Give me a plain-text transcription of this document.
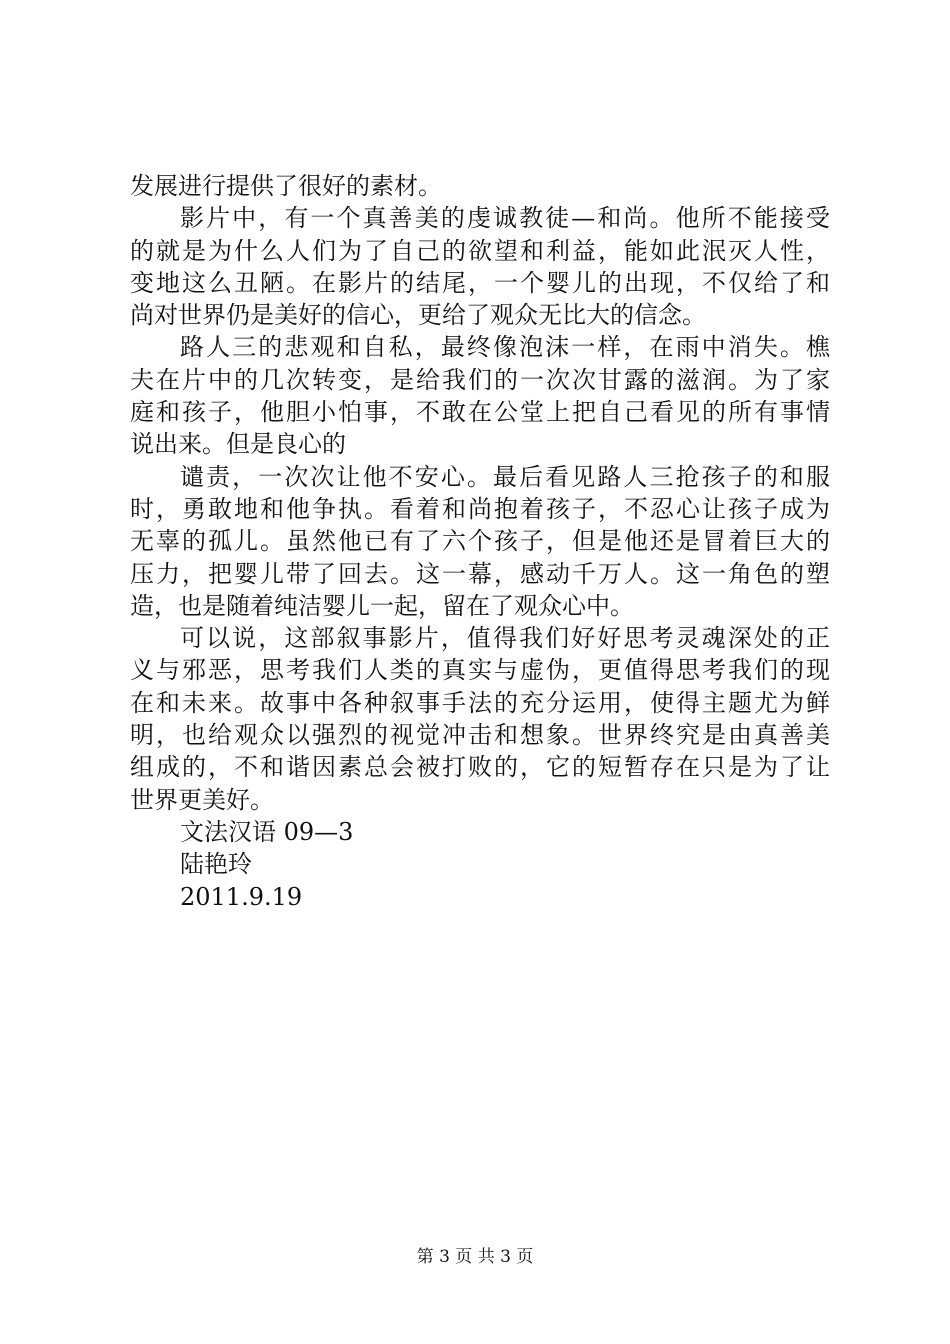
发展进行提供了很好的素材。
影片中，有一个真善美的虔诚教徒—和尚。他所不能接受
的就是为什么人们为了自己的欲望和利益，能如此泯灭人性，
变地这么丑陋。在影片的结尾，一个婴儿的出现，不仅给了和
尚对世界仍是美好的信心，更给了观众无比大的信念。
路人三的悲观和自私，最终像泡沫一样，在雨中消失。樵
夫在片中的几次转变，是给我们的一次次甘露的滋润。为了家
庭和孩子，他胆小怕事，不敢在公堂上把自己看见的所有事情
说出来。但是良心的
谴责，一次次让他不安心。最后看见路人三抢孩子的和服
时，勇敢地和他争执。看着和尚抱着孩子，不忍心让孩子成为
无辜的孤儿。虽然他已有了六个孩子，但是他还是冒着巨大的
压力，把婴儿带了回去。这一幕，感动千万人。这一角色的塑
造，也是随着纯洁婴儿一起，留在了观众心中。
可以说，这部叙事影片，值得我们好好思考灵魂深处的正
义与邪恶，思考我们人类的真实与虚伪，更值得思考我们的现
在和未来。故事中各种叙事手法的充分运用，使得主题尤为鲜
明，也给观众以强烈的视觉冲击和想象。世界终究是由真善美
组成的，不和谐因素总会被打败的，它的短暂存在只是为了让
世界更美好。
文法汉语 09—3
陆艳玲
2011.9.19
第 3 页 共 3 页
